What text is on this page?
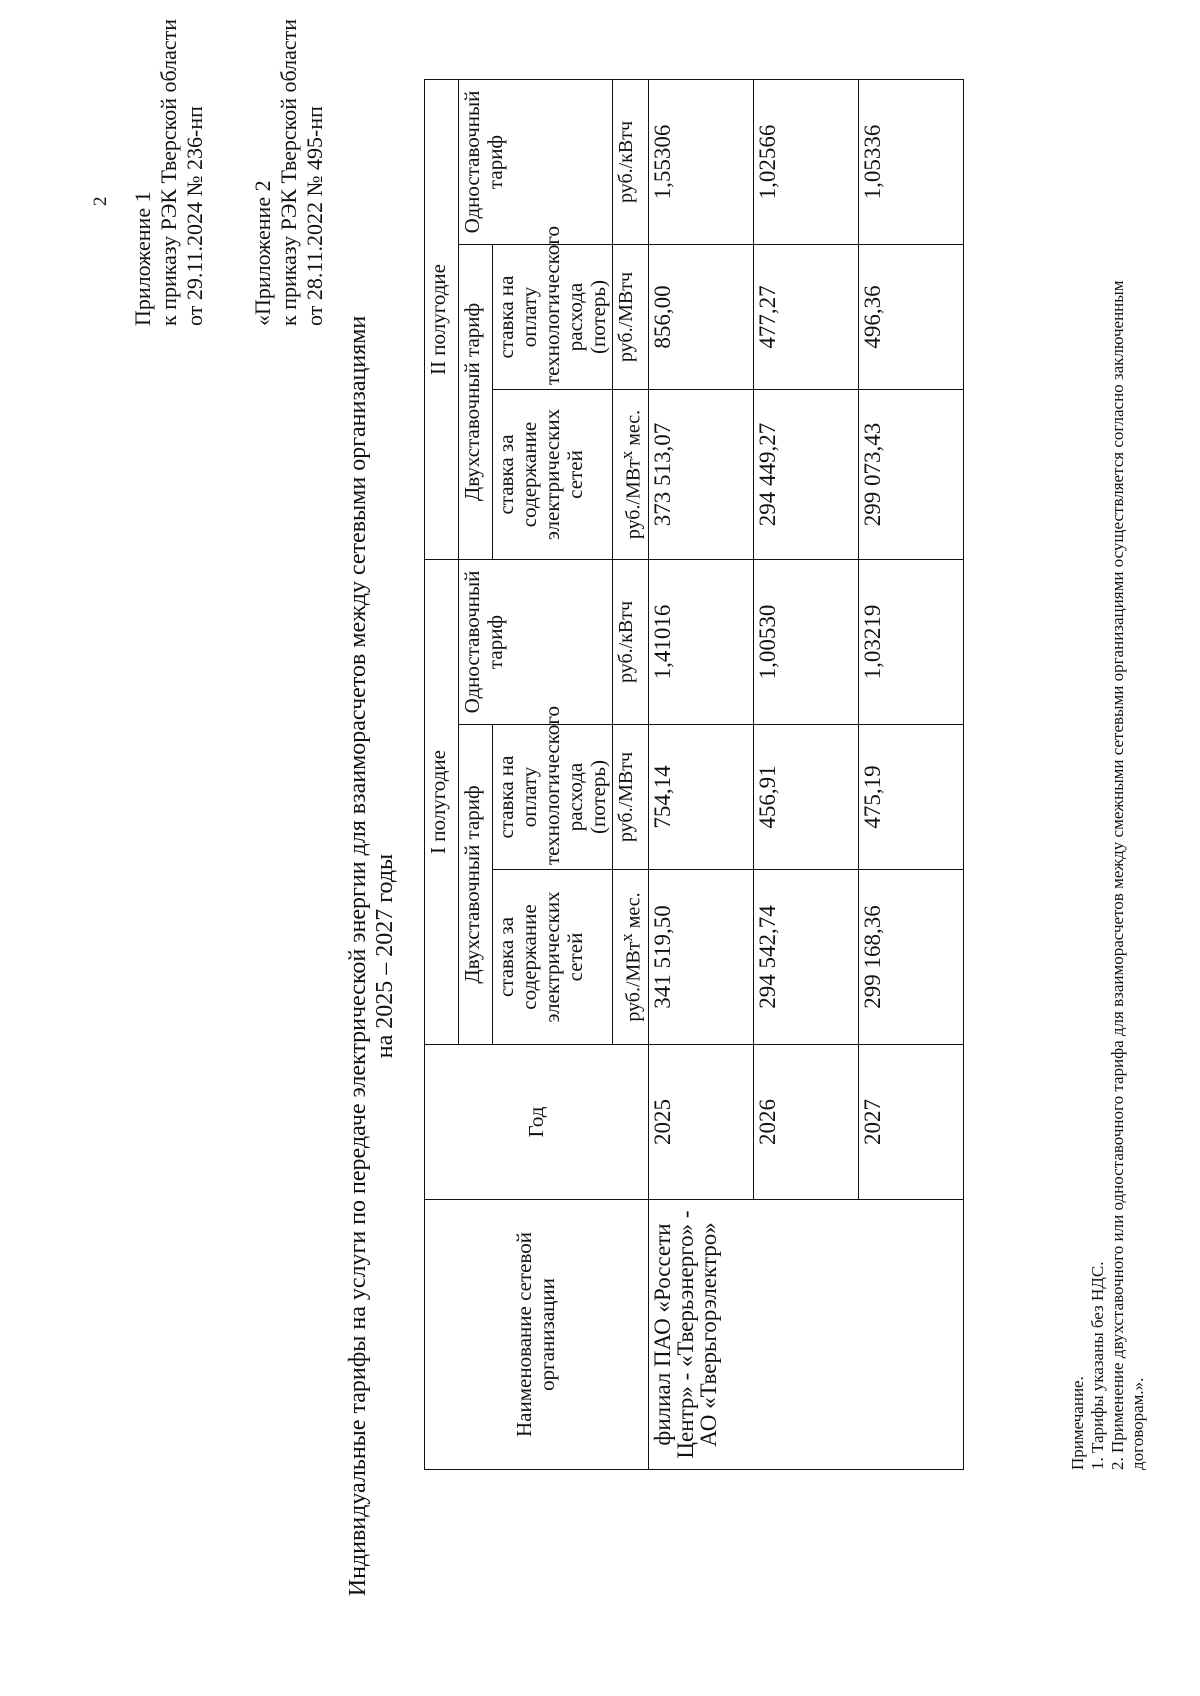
2 Приложение 1 к приказу РЭК Тверской области от 29.11.2024 № 236-нп «Приложение 2 к приказу РЭК Тверской области от 28.11.2022 № 495-нп
Индивидуальные тарифы на услуги по передаче электрической энергии для взаиморасчетов между сетевыми организациями на 2025 – 2027 годы
Наименование сетевой организации	Год	I полугодие			II полугодие		
		Двухставочный тариф		Одноставочный тариф	Двухставочный тариф		Одноставочный тариф
		ставка за содержание электрических сетей	ставка на оплату технологического расхода (потерь)		ставка за содержание электрических сетей	ставка на оплату технологического расхода (потерь)	
		руб./МВт$^х$ мес.	руб./МВтч	руб./кВтч	руб./МВт$^х$ мес.	руб./МВтч	руб./кВтч
филиал ПАО «Россети Центр» - «Тверьэнерго» - АО «Тверьгорэлектро»	2025	341 519,50	754,14	1,41016	373 513,07	856,00	1,55306
	2026	294 542,74	456,91	1,00530	294 449,27	477,27	1,02566
	2027	299 168,36	475,19	1,03219	299 073,43	496,36	1,05336
Примечание. 1. Тарифы указаны без НДС. 2. Применение двухставочного или одноставочного тарифа для взаиморасчетов между смежными сетевыми организациями осуществляется согласно заключенным договорам.».
